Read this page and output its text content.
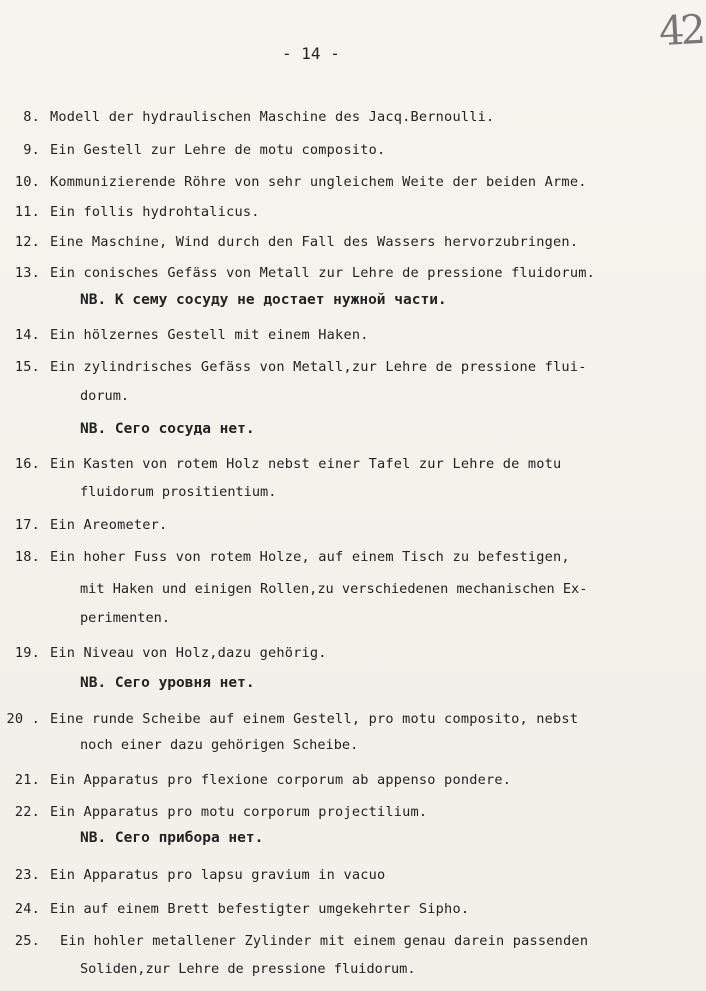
42
- 14 -
8. Modell der hydraulischen Maschine des Jacq.Bernoulli.
9. Ein Gestell zur Lehre de motu composito.
10. Kommunizierende Röhre von sehr ungleichem Weite der beiden Arme.
11. Ein follis hydrohtalicus.
12. Eine Maschine, Wind durch den Fall des Wassers hervorzubringen.
13. Ein conisches Gefäss von Metall zur Lehre de pressione fluidorum.
NB. К сему сосуду не достает нужной части.
14. Ein hölzernes Gestell mit einem Haken.
15. Ein zylindrisches Gefäss von Metall,zur Lehre de pressione flui-
dorum.
NB. Сего сосуда нет.
16. Ein Kasten von rotem Holz nebst einer Tafel zur Lehre de motu
fluidorum prositientium.
17. Ein Areometer.
18. Ein hoher Fuss von rotem Holze, auf einem Tisch zu befestigen,
mit Haken und einigen Rollen,zu verschiedenen mechanischen Ex-
perimenten.
19. Ein Niveau von Holz,dazu gehörig.
NB. Сего уровня нет.
20 . Eine runde Scheibe auf einem Gestell, pro motu composito, nebst
noch einer dazu gehörigen Scheibe.
21. Ein Apparatus pro flexione corporum ab appenso pondere.
22. Ein Apparatus pro motu corporum projectilium.
NB. Сего прибора нет.
23. Ein Apparatus pro lapsu gravium in vacuo
24. Ein auf einem Brett befestigter umgekehrter Sipho.
25. Ein hohler metallener Zylinder mit einem genau darein passenden
Soliden,zur Lehre de pressione fluidorum.
